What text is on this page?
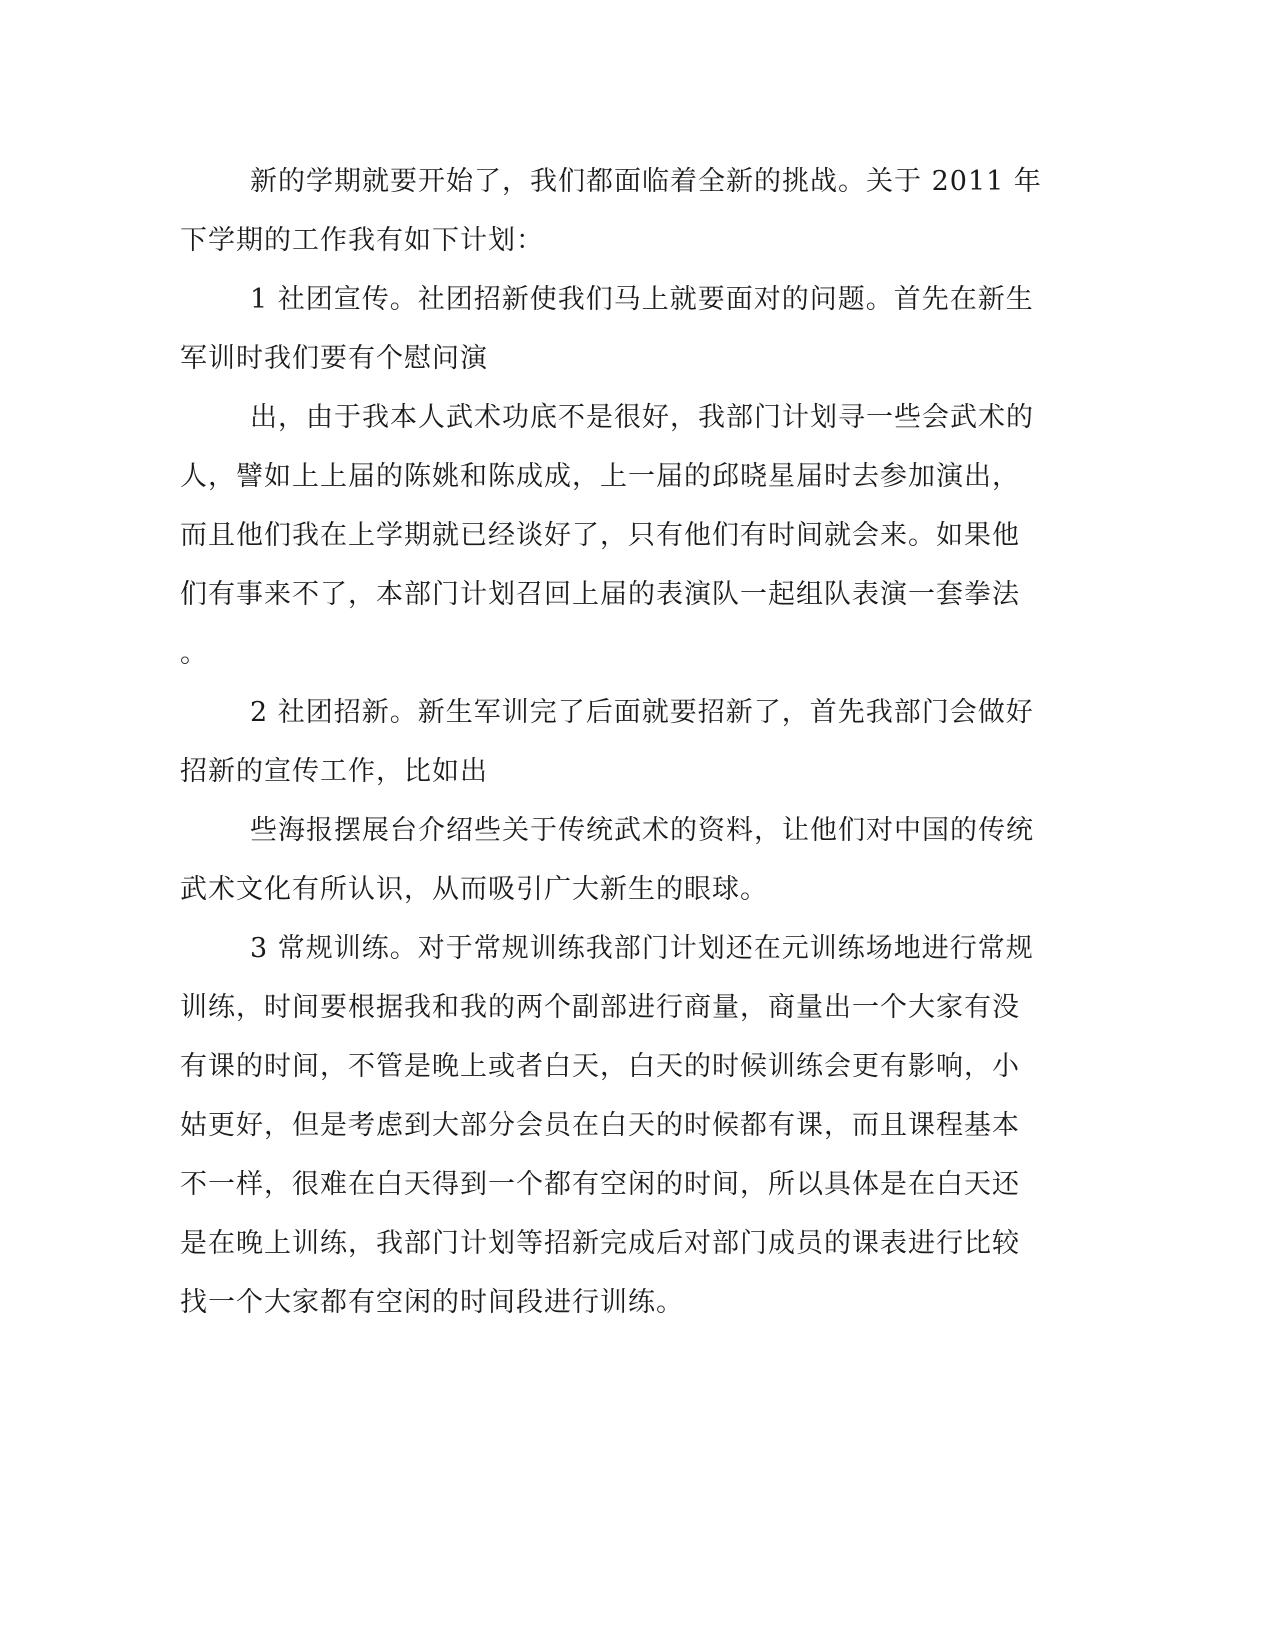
新的学期就要开始了，我们都面临着全新的挑战。关于 2011 年
下学期的工作我有如下计划：
1 社团宣传。社团招新使我们马上就要面对的问题。首先在新生
军训时我们要有个慰问演
出，由于我本人武术功底不是很好，我部门计划寻一些会武术的
人，譬如上上届的陈姚和陈成成，上一届的邱晓星届时去参加演出，
而且他们我在上学期就已经谈好了，只有他们有时间就会来。如果他
们有事来不了，本部门计划召回上届的表演队一起组队表演一套拳法
。
2 社团招新。新生军训完了后面就要招新了，首先我部门会做好
招新的宣传工作，比如出
些海报摆展台介绍些关于传统武术的资料，让他们对中国的传统
武术文化有所认识，从而吸引广大新生的眼球。
3 常规训练。对于常规训练我部门计划还在元训练场地进行常规
训练，时间要根据我和我的两个副部进行商量，商量出一个大家有没
有课的时间，不管是晚上或者白天，白天的时候训练会更有影响，小
姑更好，但是考虑到大部分会员在白天的时候都有课，而且课程基本
不一样，很难在白天得到一个都有空闲的时间，所以具体是在白天还
是在晚上训练，我部门计划等招新完成后对部门成员的课表进行比较
找一个大家都有空闲的时间段进行训练。
